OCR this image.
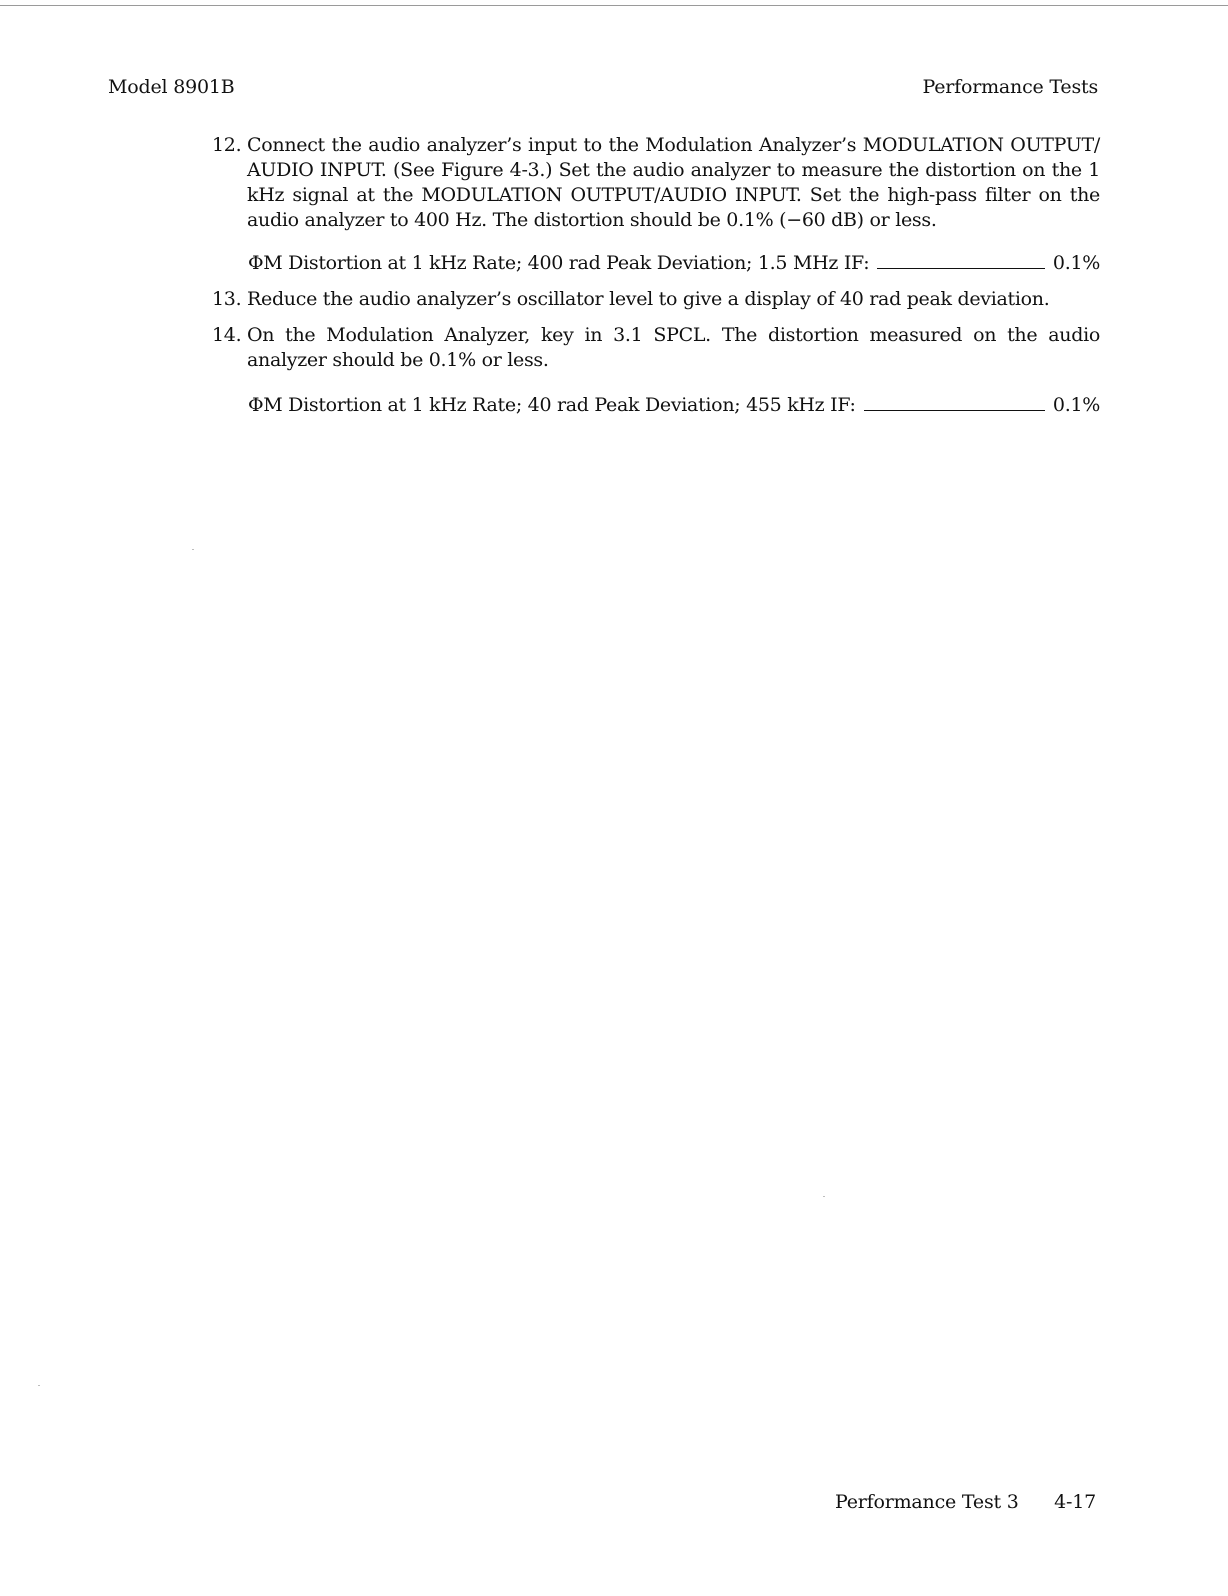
Model 8901B	Performance Tests
12. Connect the audio analyzer’s input to the Modulation Analyzer’s MODULATION OUTPUT/ AUDIO INPUT. (See Figure 4-3.) Set the audio analyzer to measure the distortion on the 1 kHz signal at the MODULATION OUTPUT/AUDIO INPUT. Set the high-pass filter on the audio analyzer to 400 Hz. The distortion should be 0.1% (−60 dB) or less.
ΦM Distortion at 1 kHz Rate; 400 rad Peak Deviation; 1.5 MHz IF:	0.1%
13. Reduce the audio analyzer’s oscillator level to give a display of 40 rad peak deviation.
14. On the Modulation Analyzer, key in 3.1 SPCL. The distortion measured on the audio analyzer should be 0.1% or less.
ΦM Distortion at 1 kHz Rate; 40 rad Peak Deviation; 455 kHz IF:	0.1%
Performance Test 3 4-17
